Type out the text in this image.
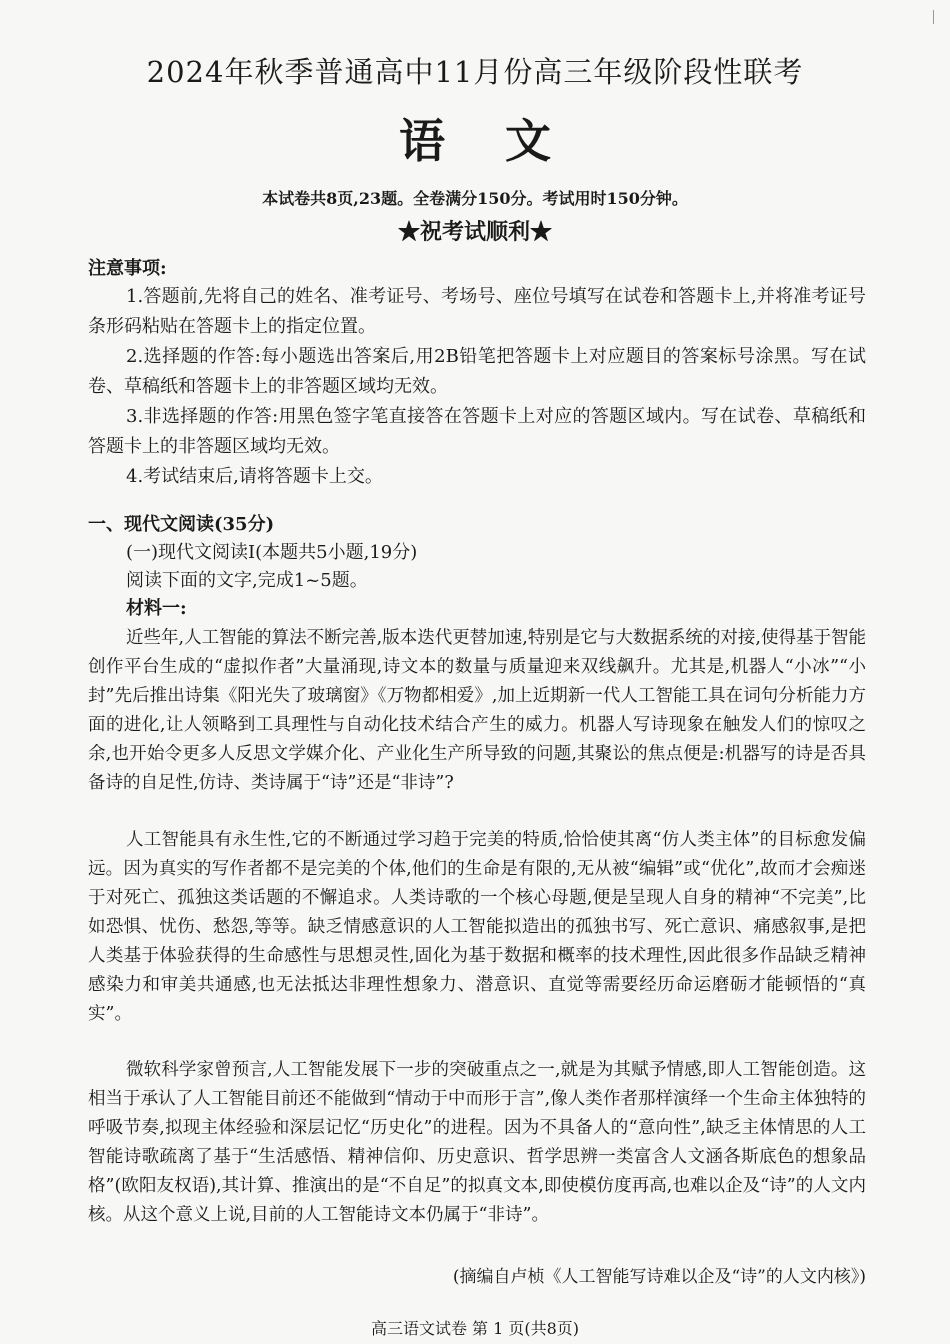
2024年秋季普通高中11月份高三年级阶段性联考
语文
本试卷共8页,23题。全卷满分150分。考试用时150分钟。
★祝考试顺利★
注意事项:

1.答题前,先将自己的姓名、准考证号、考场号、座位号填写在试卷和答题卡上,并将准考证号条形码粘贴在答题卡上的指定位置。

2.选择题的作答:每小题选出答案后,用2B铅笔把答题卡上对应题目的答案标号涂黑。写在试卷、草稿纸和答题卡上的非答题区域均无效。

3.非选择题的作答:用黑色签字笔直接答在答题卡上对应的答题区域内。写在试卷、草稿纸和答题卡上的非答题区域均无效。

4.考试结束后,请将答题卡上交。

一、现代文阅读(35分)

(一)现代文阅读Ⅰ(本题共5小题,19分)

阅读下面的文字,完成1~5题。

材料一:

近些年,人工智能的算法不断完善,版本迭代更替加速,特别是它与大数据系统的对接,使得基于智能创作平台生成的“虚拟作者”大量涌现,诗文本的数量与质量迎来双线飙升。尤其是,机器人“小冰”“小封”先后推出诗集《阳光失了玻璃窗》《万物都相爱》,加上近期新一代人工智能工具在词句分析能力方面的进化,让人领略到工具理性与自动化技术结合产生的威力。机器人写诗现象在触发人们的惊叹之余,也开始令更多人反思文学媒介化、产业化生产所导致的问题,其聚讼的焦点便是:机器写的诗是否具备诗的自足性,仿诗、类诗属于“诗”还是“非诗”?

人工智能具有永生性,它的不断通过学习趋于完美的特质,恰恰使其离“仿人类主体”的目标愈发偏远。因为真实的写作者都不是完美的个体,他们的生命是有限的,无从被“编辑”或“优化”,故而才会痴迷于对死亡、孤独这类话题的不懈追求。人类诗歌的一个核心母题,便是呈现人自身的精神“不完美”,比如恐惧、忧伤、愁怨,等等。缺乏情感意识的人工智能拟造出的孤独书写、死亡意识、痛感叙事,是把人类基于体验获得的生命感性与思想灵性,固化为基于数据和概率的技术理性,因此很多作品缺乏精神感染力和审美共通感,也无法抵达非理性想象力、潜意识、直觉等需要经历命运磨砺才能顿悟的“真实”。

微软科学家曾预言,人工智能发展下一步的突破重点之一,就是为其赋予情感,即人工智能创造。这相当于承认了人工智能目前还不能做到“情动于中而形于言”,像人类作者那样演绎一个生命主体独特的呼吸节奏,拟现主体经验和深层记忆“历史化”的进程。因为不具备人的“意向性”,缺乏主体情思的人工智能诗歌疏离了基于“生活感悟、精神信仰、历史意识、哲学思辨一类富含人文涵各斯底色的想象品格”(欧阳友权语),其计算、推演出的是“不自足”的拟真文本,即使模仿度再高,也难以企及“诗”的人文内核。从这个意义上说,目前的人工智能诗文本仍属于“非诗”。

(摘编自卢桢《人工智能写诗难以企及“诗”的人文内核》)
高三语文试卷 第 1 页(共8页)
